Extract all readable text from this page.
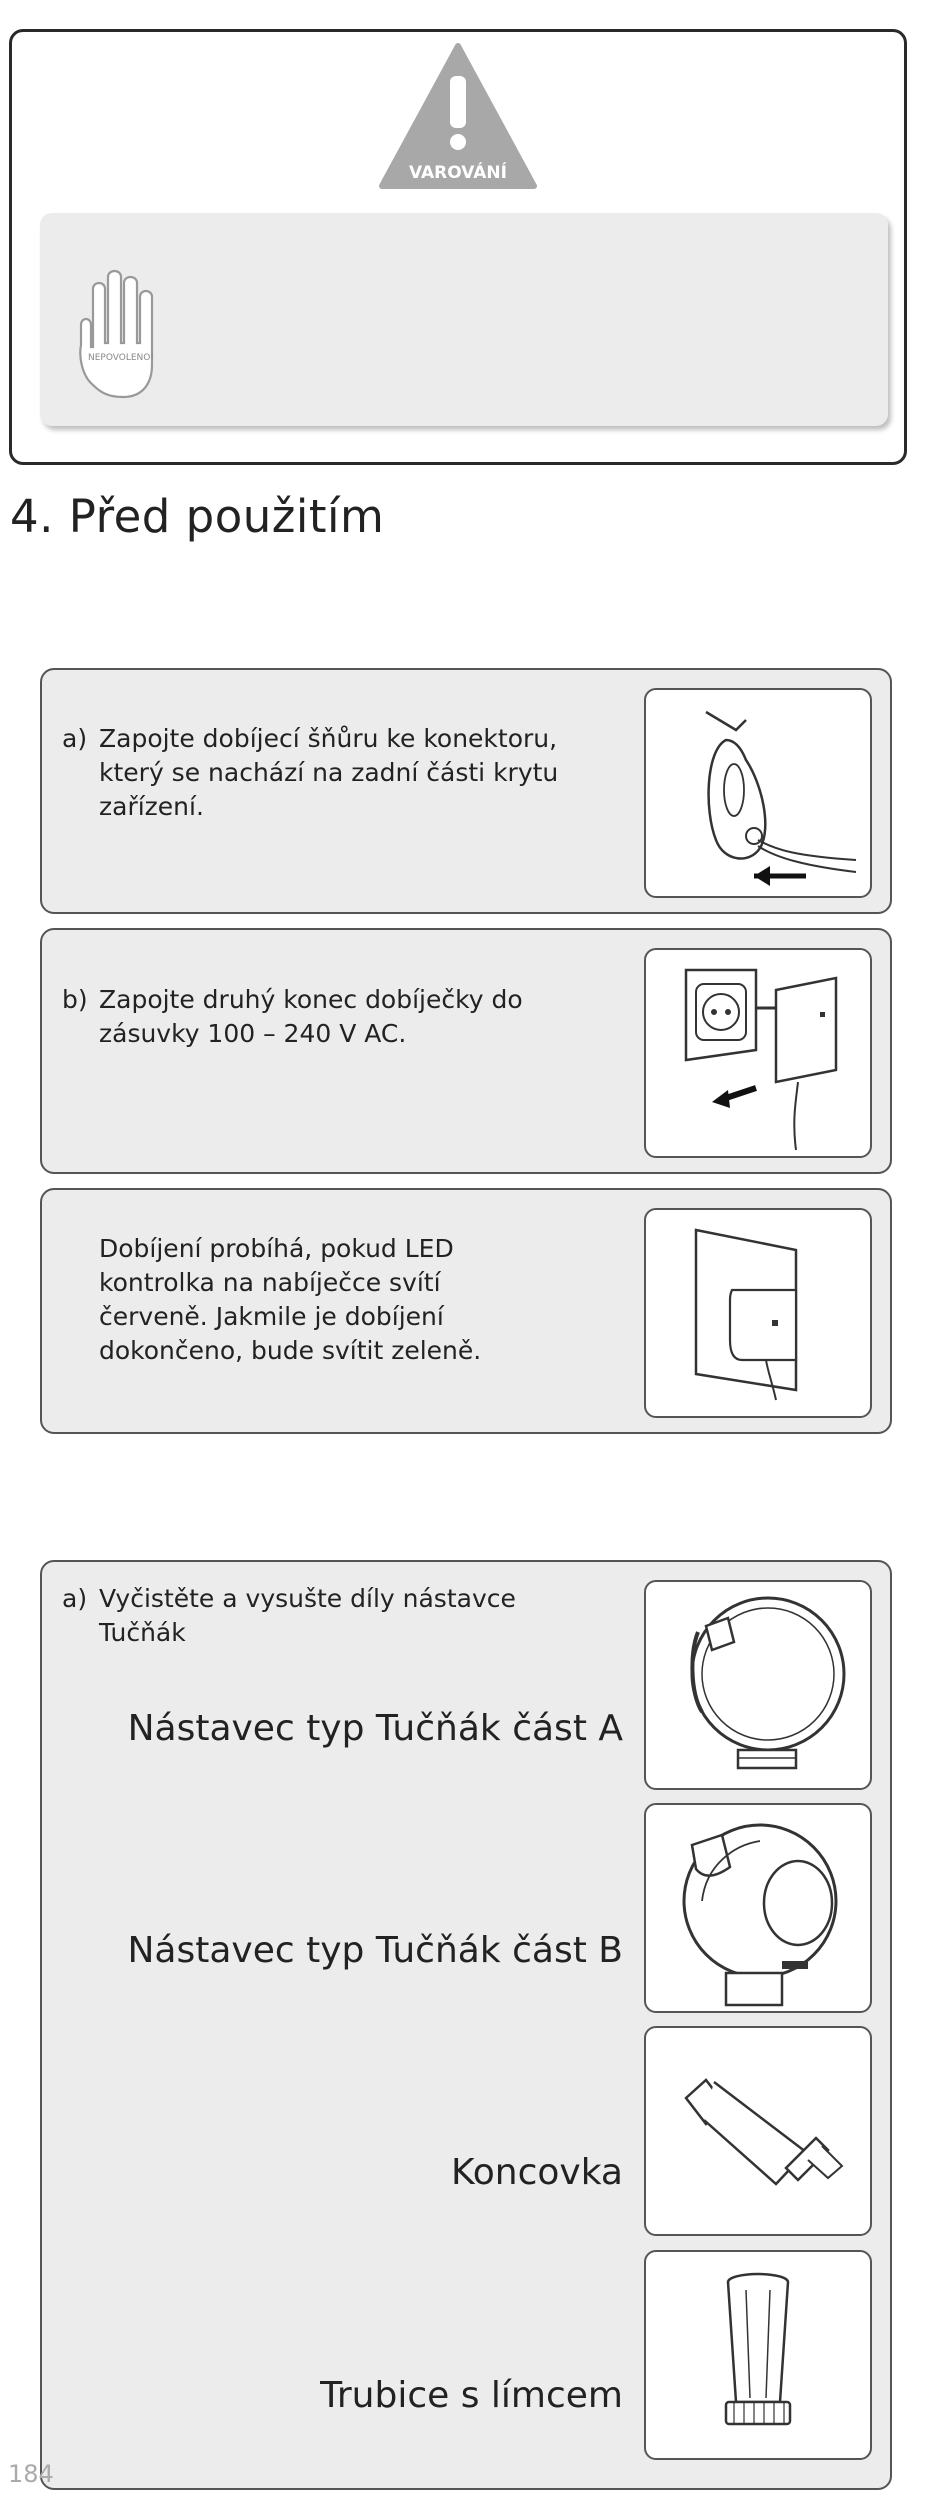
VAROVÁNÍ
NEPOVOLENO!
4. Před použitím
a) Zapojte dobíjecí šňůru ke konektoru,
který se nachází na zadní části krytu
zařízení.
b) Zapojte druhý konec dobíječky do
zásuvky 100 – 240 V AC.
Dobíjení probíhá, pokud LED
kontrolka na nabíječce svítí
červeně. Jakmile je dobíjení
dokončeno, bude svítit zeleně.
a) Vyčistěte a vysušte díly nástavce
Tučňák
Nástavec typ Tučňák část A
Nástavec typ Tučňák část B
Koncovka
Trubice s límcem
184
